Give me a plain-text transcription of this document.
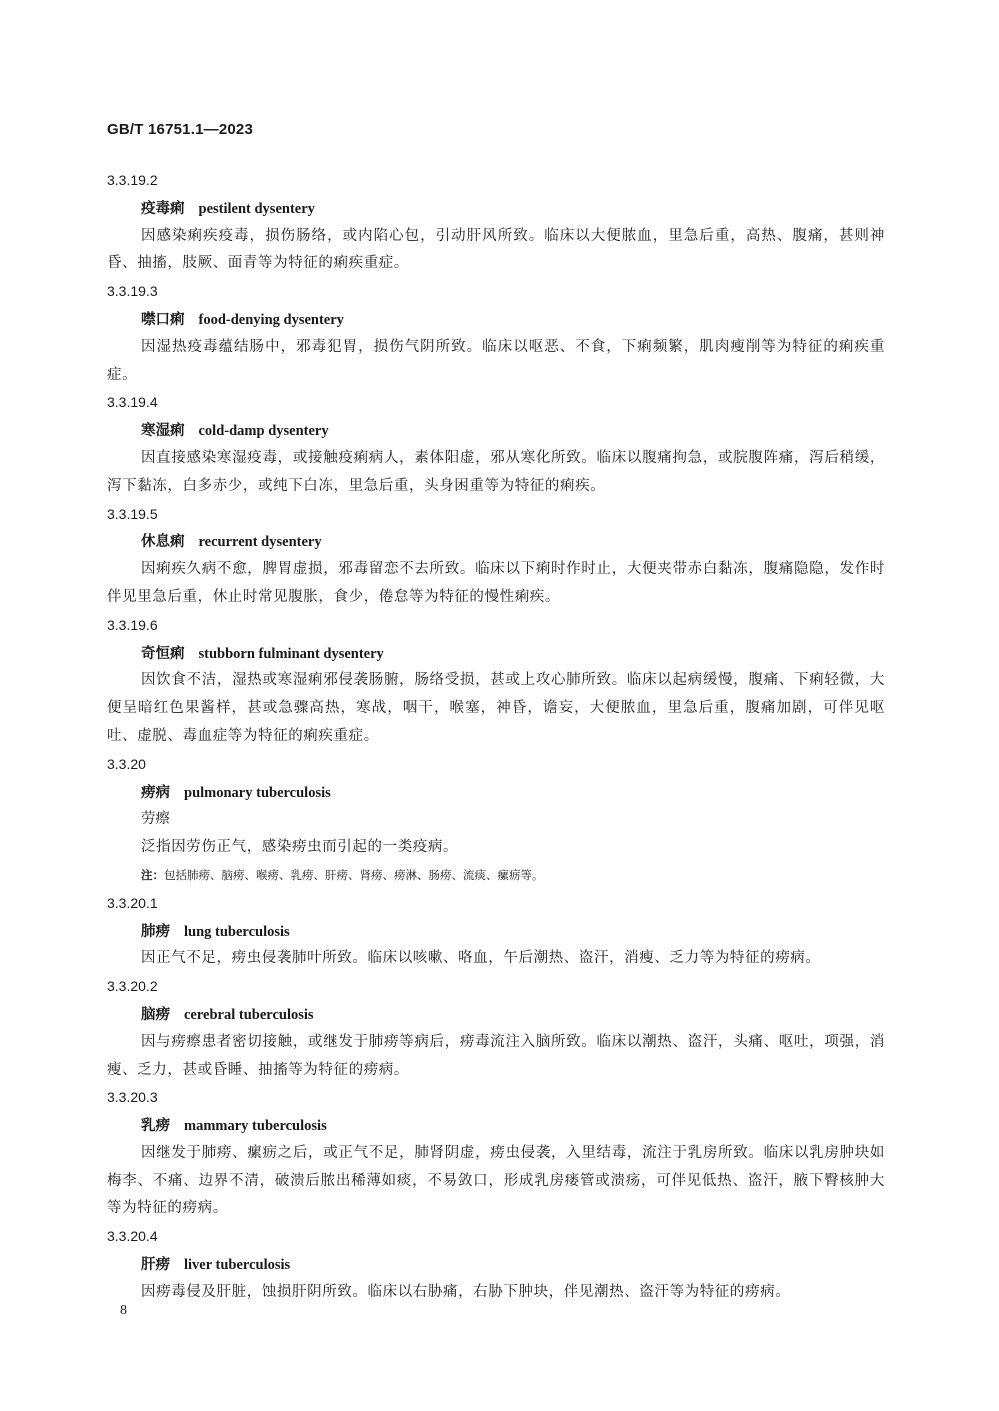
GB/T 16751.1—2023
3.3.19.2
疫毒痢 pestilent dysentery
因感染痢疾疫毒，损伤肠络，或内陷心包，引动肝风所致。临床以大便脓血，里急后重，高热、腹痛，甚则神昏、抽搐，肢厥、面青等为特征的痢疾重症。
3.3.19.3
噤口痢 food-denying dysentery
因湿热疫毒蕴结肠中，邪毒犯胃，损伤气阴所致。临床以呕恶、不食，下痢频繁，肌肉瘦削等为特征的痢疾重症。
3.3.19.4
寒湿痢 cold-damp dysentery
因直接感染寒湿疫毒，或接触疫痢病人，素体阳虚，邪从寒化所致。临床以腹痛拘急，或脘腹阵痛，泻后稍缓，泻下黏冻，白多赤少，或纯下白冻，里急后重，头身困重等为特征的痢疾。
3.3.19.5
休息痢 recurrent dysentery
因痢疾久病不愈，脾胃虚损，邪毒留恋不去所致。临床以下痢时作时止，大便夹带赤白黏冻，腹痛隐隐，发作时伴见里急后重，休止时常见腹胀，食少，倦怠等为特征的慢性痢疾。
3.3.19.6
奇恒痢 stubborn fulminant dysentery
因饮食不洁，湿热或寒湿痢邪侵袭肠腑，肠络受损，甚或上攻心肺所致。临床以起病缓慢，腹痛、下痢轻微，大便呈暗红色果酱样，甚或急骤高热，寒战，咽干，喉塞，神昏，谵妄，大便脓血，里急后重，腹痛加剧，可伴见呕吐、虚脱、毒血症等为特征的痢疾重症。
3.3.20
痨病 pulmonary tuberculosis
劳瘵
泛指因劳伤正气，感染痨虫而引起的一类疫病。
注：包括肺痨、脑痨、喉痨、乳痨、肝痨、肾痨、痨淋、肠痨、流痰、瘰疬等。
3.3.20.1
肺痨 lung tuberculosis
因正气不足，痨虫侵袭肺叶所致。临床以咳嗽、咯血，午后潮热、盗汗，消瘦、乏力等为特征的痨病。
3.3.20.2
脑痨 cerebral tuberculosis
因与痨瘵患者密切接触，或继发于肺痨等病后，痨毒流注入脑所致。临床以潮热、盗汗，头痛、呕吐，项强，消瘦、乏力，甚或昏睡、抽搐等为特征的痨病。
3.3.20.3
乳痨 mammary tuberculosis
因继发于肺痨、瘰疬之后，或正气不足，肺肾阴虚，痨虫侵袭，入里结毒，流注于乳房所致。临床以乳房肿块如梅李、不痛、边界不清，破溃后脓出稀薄如痰，不易敛口，形成乳房瘘管或溃疡，可伴见低热、盗汗，腋下臀核肿大等为特征的痨病。
3.3.20.4
肝痨 liver tuberculosis
因痨毒侵及肝脏，蚀损肝阴所致。临床以右胁痛，右胁下肿块，伴见潮热、盗汗等为特征的痨病。
8
